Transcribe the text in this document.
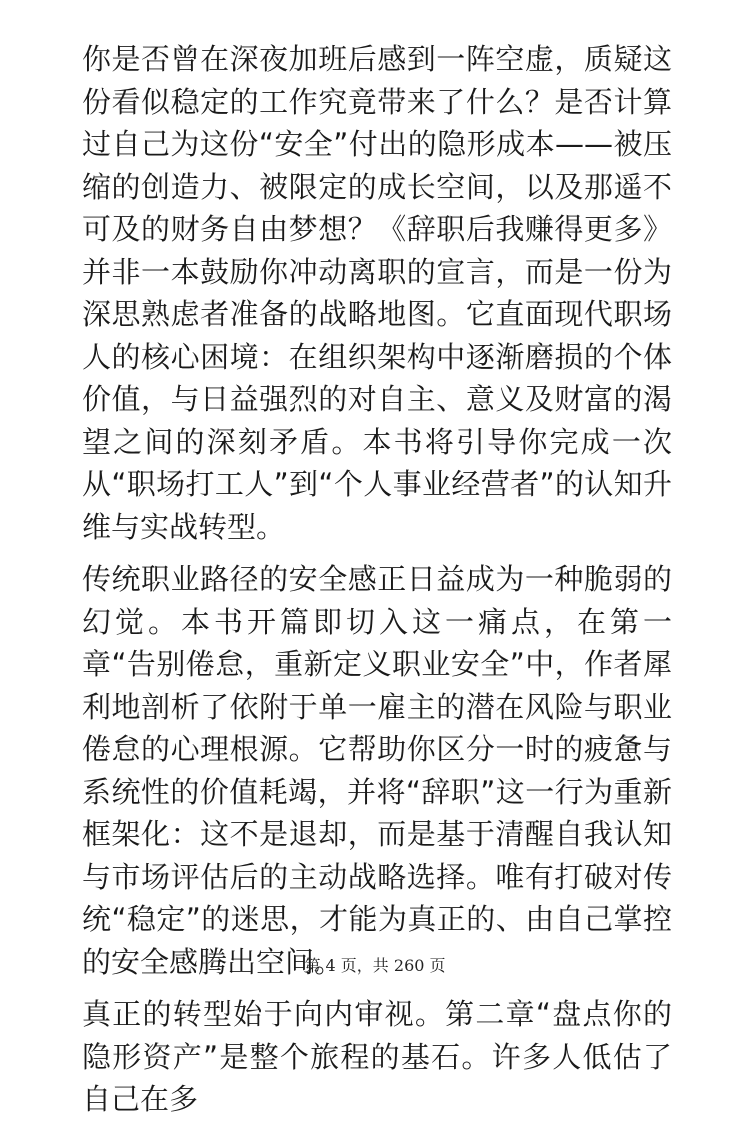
你是否曾在深夜加班后感到一阵空虚，质疑这份看似稳定的工作究竟带来了什么？是否计算过自己为这份“安全”付出的隐形成本——被压缩的创造力、被限定的成长空间，以及那遥不可及的财务自由梦想？《辞职后我赚得更多》并非一本鼓励你冲动离职的宣言，而是一份为深思熟虑者准备的战略地图。它直面现代职场人的核心困境：在组织架构中逐渐磨损的个体价值，与日益强烈的对自主、意义及财富的渴望之间的深刻矛盾。本书将引导你完成一次从“职场打工人”到“个人事业经营者”的认知升维与实战转型。

传统职业路径的安全感正日益成为一种脆弱的幻觉。本书开篇即切入这一痛点，在第一章“告别倦怠，重新定义职业安全”中，作者犀利地剖析了依附于单一雇主的潜在风险与职业倦怠的心理根源。它帮助你区分一时的疲惫与系统性的价值耗竭，并将“辞职”这一行为重新框架化：这不是退却，而是基于清醒自我认知与市场评估后的主动战略选择。唯有打破对传统“稳定”的迷思，才能为真正的、由自己掌控的安全感腾出空间。

真正的转型始于向内审视。第二章“盘点你的隐形资产”是整个旅程的基石。许多人低估了自己在多

第 4 页，共 260 页
